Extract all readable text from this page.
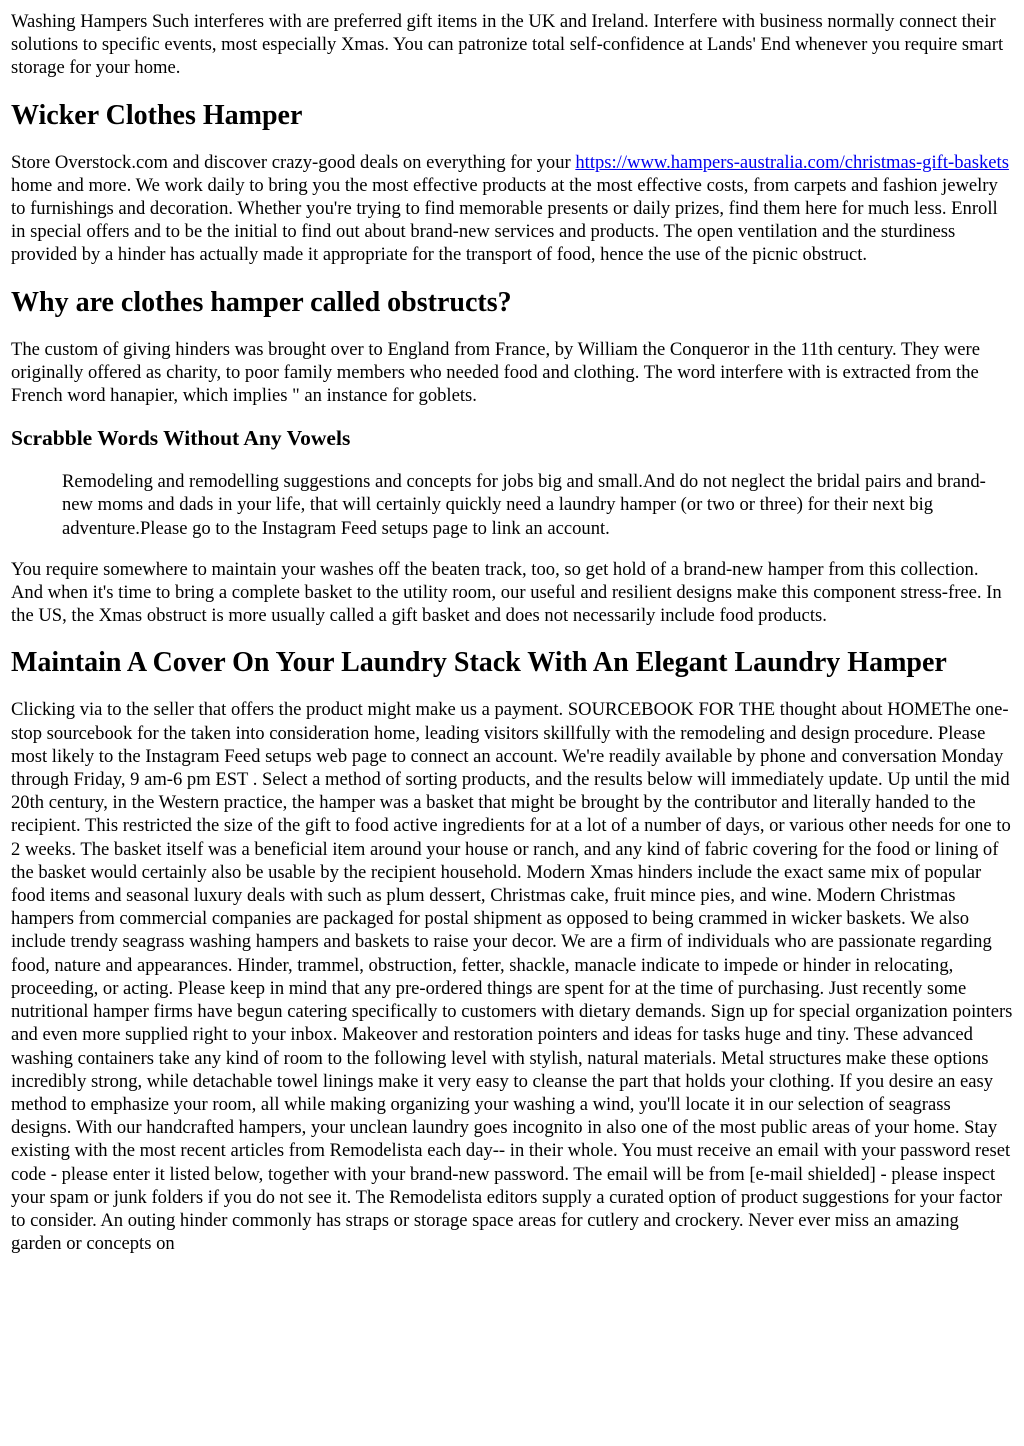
Washing Hampers Such interferes with are preferred gift items in the UK and Ireland. Interfere with business normally connect their solutions to specific events, most especially Xmas. You can patronize total self-confidence at Lands' End whenever you require smart storage for your home.

Wicker Clothes Hamper

Store Overstock.com and discover crazy-good deals on everything for your https://www.hampers-australia.com/christmas-gift-baskets home and more. We work daily to bring you the most effective products at the most effective costs, from carpets and fashion jewelry to furnishings and decoration. Whether you're trying to find memorable presents or daily prizes, find them here for much less. Enroll in special offers and to be the initial to find out about brand-new services and products. The open ventilation and the sturdiness provided by a hinder has actually made it appropriate for the transport of food, hence the use of the picnic obstruct.

Why are clothes hamper called obstructs?

The custom of giving hinders was brought over to England from France, by William the Conqueror in the 11th century. They were originally offered as charity, to poor family members who needed food and clothing. The word interfere with is extracted from the French word hanapier, which implies " an instance for goblets.

Scrabble Words Without Any Vowels
Remodeling and remodelling suggestions and concepts for jobs big and small.And do not neglect the bridal pairs and brand-new moms and dads in your life, that will certainly quickly need a laundry hamper (or two or three) for their next big adventure.Please go to the Instagram Feed setups page to link an account.

You require somewhere to maintain your washes off the beaten track, too, so get hold of a brand-new hamper from this collection. And when it's time to bring a complete basket to the utility room, our useful and resilient designs make this component stress-free. In the US, the Xmas obstruct is more usually called a gift basket and does not necessarily include food products.

Maintain A Cover On Your Laundry Stack With An Elegant Laundry Hamper

Clicking via to the seller that offers the product might make us a payment. SOURCEBOOK FOR THE thought about HOMEThe one-stop sourcebook for the taken into consideration home, leading visitors skillfully with the remodeling and design procedure. Please most likely to the Instagram Feed setups web page to connect an account. We're readily available by phone and conversation Monday through Friday, 9 am-6 pm EST . Select a method of sorting products, and the results below will immediately update. Up until the mid 20th century, in the Western practice, the hamper was a basket that might be brought by the contributor and literally handed to the recipient. This restricted the size of the gift to food active ingredients for at a lot of a number of days, or various other needs for one to 2 weeks. The basket itself was a beneficial item around your house or ranch, and any kind of fabric covering for the food or lining of the basket would certainly also be usable by the recipient household. Modern Xmas hinders include the exact same mix of popular food items and seasonal luxury deals with such as plum dessert, Christmas cake, fruit mince pies, and wine. Modern Christmas hampers from commercial companies are packaged for postal shipment as opposed to being crammed in wicker baskets. We also include trendy seagrass washing hampers and baskets to raise your decor. We are a firm of individuals who are passionate regarding food, nature and appearances. Hinder, trammel, obstruction, fetter, shackle, manacle indicate to impede or hinder in relocating, proceeding, or acting. Please keep in mind that any pre-ordered things are spent for at the time of purchasing. Just recently some nutritional hamper firms have begun catering specifically to customers with dietary demands. Sign up for special organization pointers and even more supplied right to your inbox. Makeover and restoration pointers and ideas for tasks huge and tiny. These advanced washing containers take any kind of room to the following level with stylish, natural materials. Metal structures make these options incredibly strong, while detachable towel linings make it very easy to cleanse the part that holds your clothing. If you desire an easy method to emphasize your room, all while making organizing your washing a wind, you'll locate it in our selection of seagrass designs. With our handcrafted hampers, your unclean laundry goes incognito in also one of the most public areas of your home. Stay existing with the most recent articles from Remodelista each day-- in their whole. You must receive an email with your password reset code - please enter it listed below, together with your brand-new password. The email will be from [e-mail shielded] - please inspect your spam or junk folders if you do not see it. The Remodelista editors supply a curated option of product suggestions for your factor to consider. An outing hinder commonly has straps or storage space areas for cutlery and crockery. Never ever miss an amazing garden or concepts on
